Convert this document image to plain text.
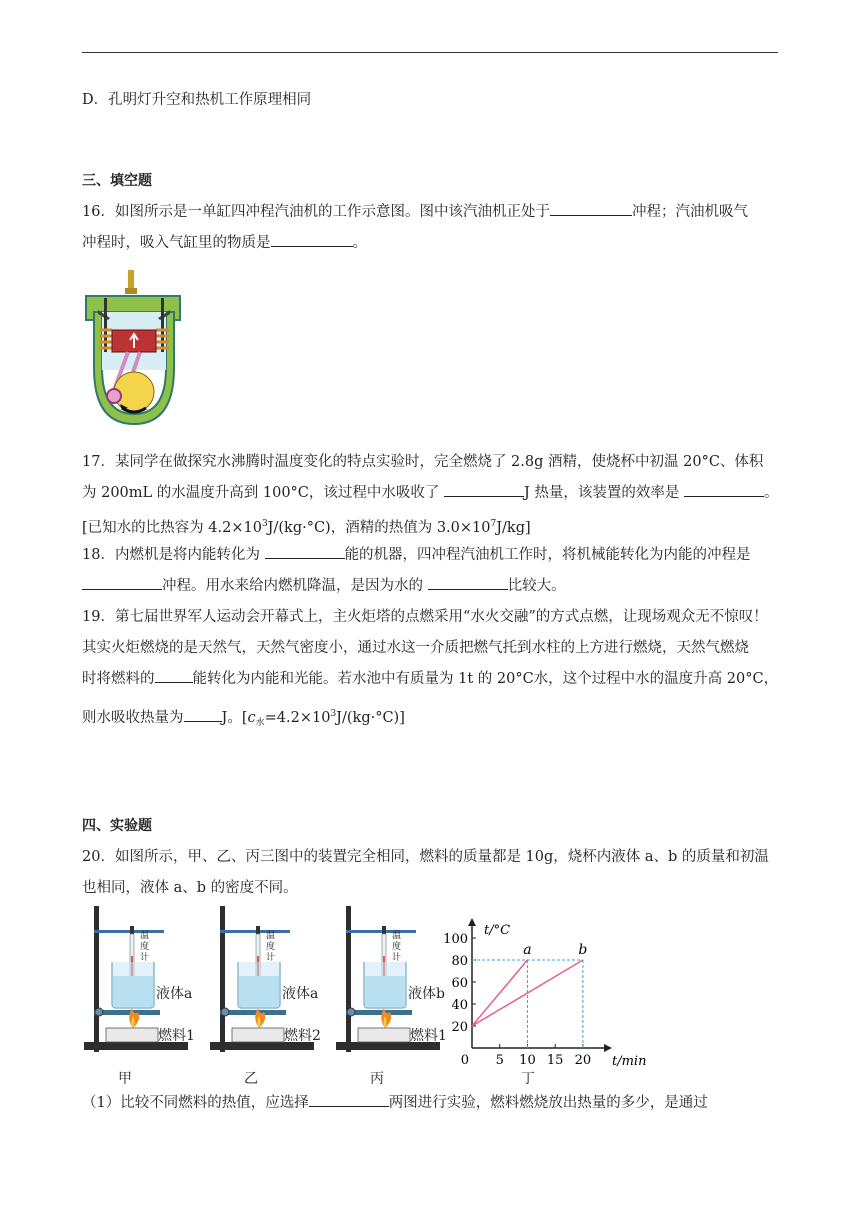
D．孔明灯升空和热机工作原理相同
三、填空题
16．如图所示是一单缸四冲程汽油机的工作示意图。图中该汽油机正处于	冲程；汽油机吸气
冲程时，吸入气缸里的物质是	。
17．某同学在做探究水沸腾时温度变化的特点实验时，完全燃烧了 2.8g 酒精，使烧杯中初温 20°C、体积
为 200mL 的水温度升高到 100°C，该过程中水吸收了	J 热量，该装置的效率是	。
[已知水的比热容为 $4.2\times 10^3J/(kg\cdot^\circ C)$，酒精的热值为 $3.0\times 10^7J/kg$]
18．内燃机是将内能转化为	能的机器，四冲程汽油机工作时，将机械能转化为内能的冲程是
冲程。用水来给内燃机降温，是因为水的	比较大。
19．第七届世界军人运动会开幕式上，主火炬塔的点燃采用“水火交融”的方式点燃，让现场观众无不惊叹！
其实火炬燃烧的是天然气，天然气密度小，通过水这一介质把燃气托到水柱的上方进行燃烧，天然气燃烧
时将燃料的	能转化为内能和光能。若水池中有质量为 1t 的 20°C水，这个过程中水的温度升高 20°C，
则水吸收热量为	J。$[c_水=4.2\times 10^3J/(kg\cdot^\circ C)]$
四、实验题
20．如图所示，甲、乙、丙三图中的装置完全相同，燃料的质量都是 10g，烧杯内液体 a、b 的质量和初温
也相同，液体 a、b 的密度不同。
温
度
计
液体a
燃料1
温
度
计
液体a
燃料2
温
度
计
液体b
燃料1
0 5 10 15 20
20
40
60
80
100
t/min
t/°C
a	b
甲	乙	丙	丁
（1）比较不同燃料的热值，应选择	两图进行实验，燃料燃烧放出热量的多少，是通过
